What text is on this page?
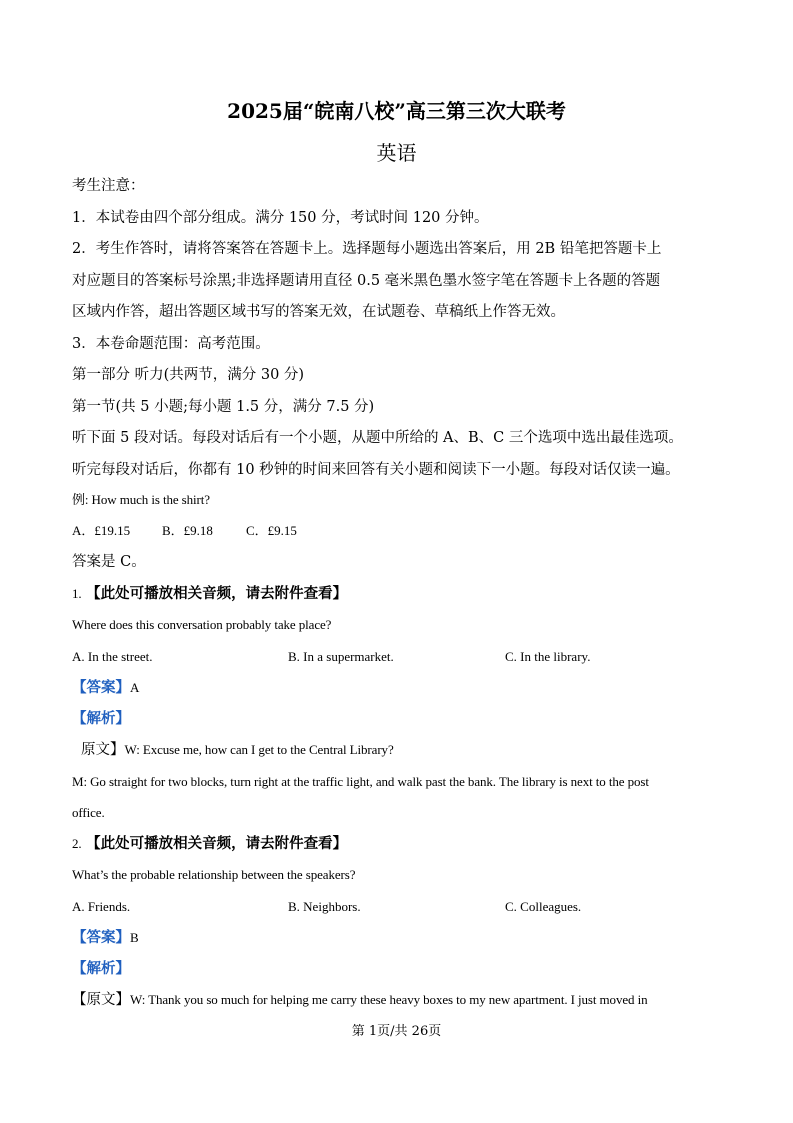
2025届“皖南八校”高三第三次大联考
英语
考生注意：
1．本试卷由四个部分组成。满分 150 分，考试时间 120 分钟。
2．考生作答时，请将答案答在答题卡上。选择题每小题选出答案后，用 2B 铅笔把答题卡上
对应题目的答案标号涂黑;非选择题请用直径 0.5 毫米黑色墨水签字笔在答题卡上各题的答题
区域内作答，超出答题区域书写的答案无效，在试题卷、草稿纸上作答无效。
3．本卷命题范围：高考范围。
第一部分 听力(共两节，满分 30 分)
第一节(共 5 小题;每小题 1.5 分，满分 7.5 分)
听下面 5 段对话。每段对话后有一个小题，从题中所给的 A、B、C 三个选项中选出最佳选项。
听完每段对话后，你都有 10 秒钟的时间来回答有关小题和阅读下一小题。每段对话仅读一遍。
例: How much is the shirt?
A．£19.15 B．£9.18	C．£9.15
答案是 C。
1. 【此处可播放相关音频，请去附件查看】
Where does this conversation probably take place?
A. In the street.	B. In a supermarket.	C. In the library.
【答案】A
【解析】
原文】W: Excuse me, how can I get to the Central Library?
M: Go straight for two blocks, turn right at the traffic light, and walk past the bank. The library is next to the post
office.
2. 【此处可播放相关音频，请去附件查看】
What’s the probable relationship between the speakers?
A. Friends.	B. Neighbors.	C. Colleagues.
【答案】B
【解析】
【原文】W: Thank you so much for helping me carry these heavy boxes to my new apartment. I just moved in
第 1页/共 26页
